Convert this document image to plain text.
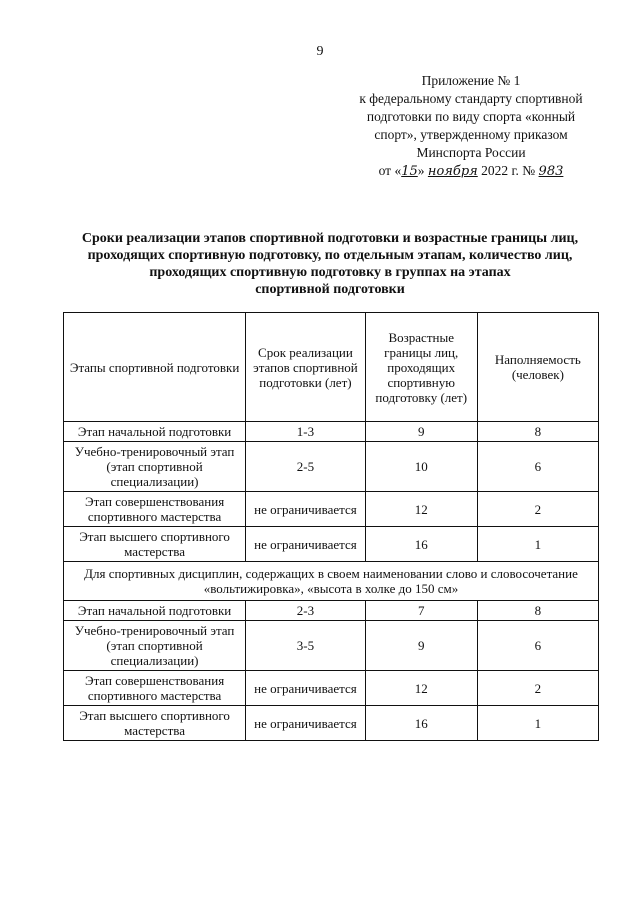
9
Приложение № 1
к федеральному стандарту спортивной
подготовки по виду спорта «конный
спорт», утвержденному приказом
Минспорта России
от «15» ноября 2022 г. № 983
Сроки реализации этапов спортивной подготовки и возрастные границы лиц,
проходящих спортивную подготовку, по отдельным этапам, количество лиц,
проходящих спортивную подготовку в группах на этапах
спортивной подготовки
Этапы спортивной подготовки	Срок реализации этапов спортивной подготовки (лет)	Возрастные границы лиц, проходящих спортивную подготовку (лет)	Наполняемость (человек)
Этап начальной подготовки	1-3	9	8
Учебно-тренировочный этап (этап спортивной специализации)	2-5	10	6
Этап совершенствования спортивного мастерства	не ограничивается	12	2
Этап высшего спортивного мастерства	не ограничивается	16	1
Для спортивных дисциплин, содержащих в своем наименовании слово и словосочетание «вольтижировка», «высота в холке до 150 см»			
Этап начальной подготовки	2-3	7	8
Учебно-тренировочный этап (этап спортивной специализации)	3-5	9	6
Этап совершенствования спортивного мастерства	не ограничивается	12	2
Этап высшего спортивного мастерства	не ограничивается	16	1
